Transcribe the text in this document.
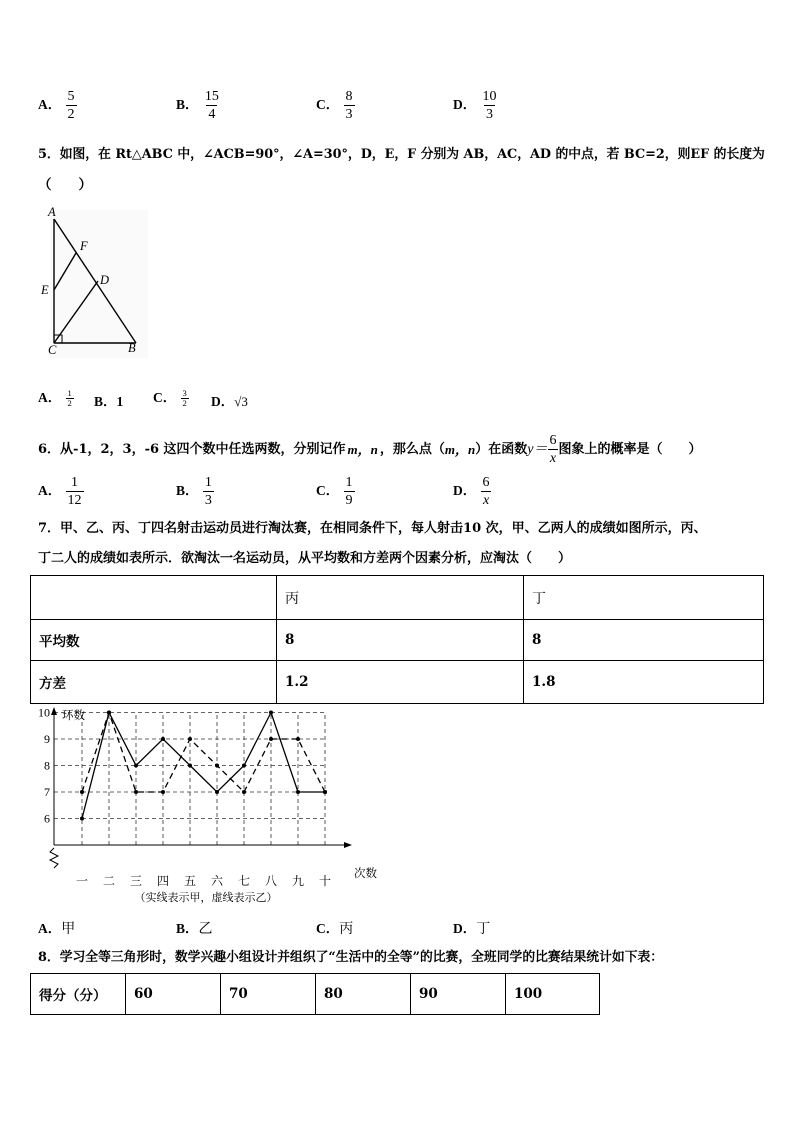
A． $\frac{5}{2}$	B． $\frac{15}{4}$	C． $\frac{8}{3}$	D． $\frac{10}{3}$
5．如图，在 Rt△ABC 中，∠ACB=90°，∠A=30°，D，E，F 分别为 AB，AC，AD 的中点，若 BC=2，则EF 的长度为
（　　）
A
F
D
E
C	B
A． $\frac{1}{2}$ B．1 C． $\frac{3}{2}$ D．√3
6．从-1，2，3，-6 这四个数中任选两数，分别记作 m，n ，那么点（ m，n ）在函数 $y= \frac{6}{x}$ 图象上的概率是（　　）
A． $\frac{1}{12}$	B． $\frac{1}{3}$	C． $\frac{1}{9}$	D． $\frac{6}{x}$
7．甲、乙、丙、丁四名射击运动员进行淘汰赛，在相同条件下，每人射击10 次，甲、乙两人的成绩如图所示，丙、
丁二人的成绩如表所示．欲淘汰一名运动员，从平均数和方差两个因素分析，应淘汰（　　）
	丙	丁
平均数	8	8
方差	1.2	1.8
6
7
8
9
10
一 二 三 四 五 六 七 八 九 十
环数
次数
（实线表示甲，虚线表示乙）
A．甲	B．乙	C．丙	D．丁
8．学习全等三角形时，数学兴趣小组设计并组织了“生活中的全等”的比赛，全班同学的比赛结果统计如下表：
得分（分）	60	70	80	90	100
